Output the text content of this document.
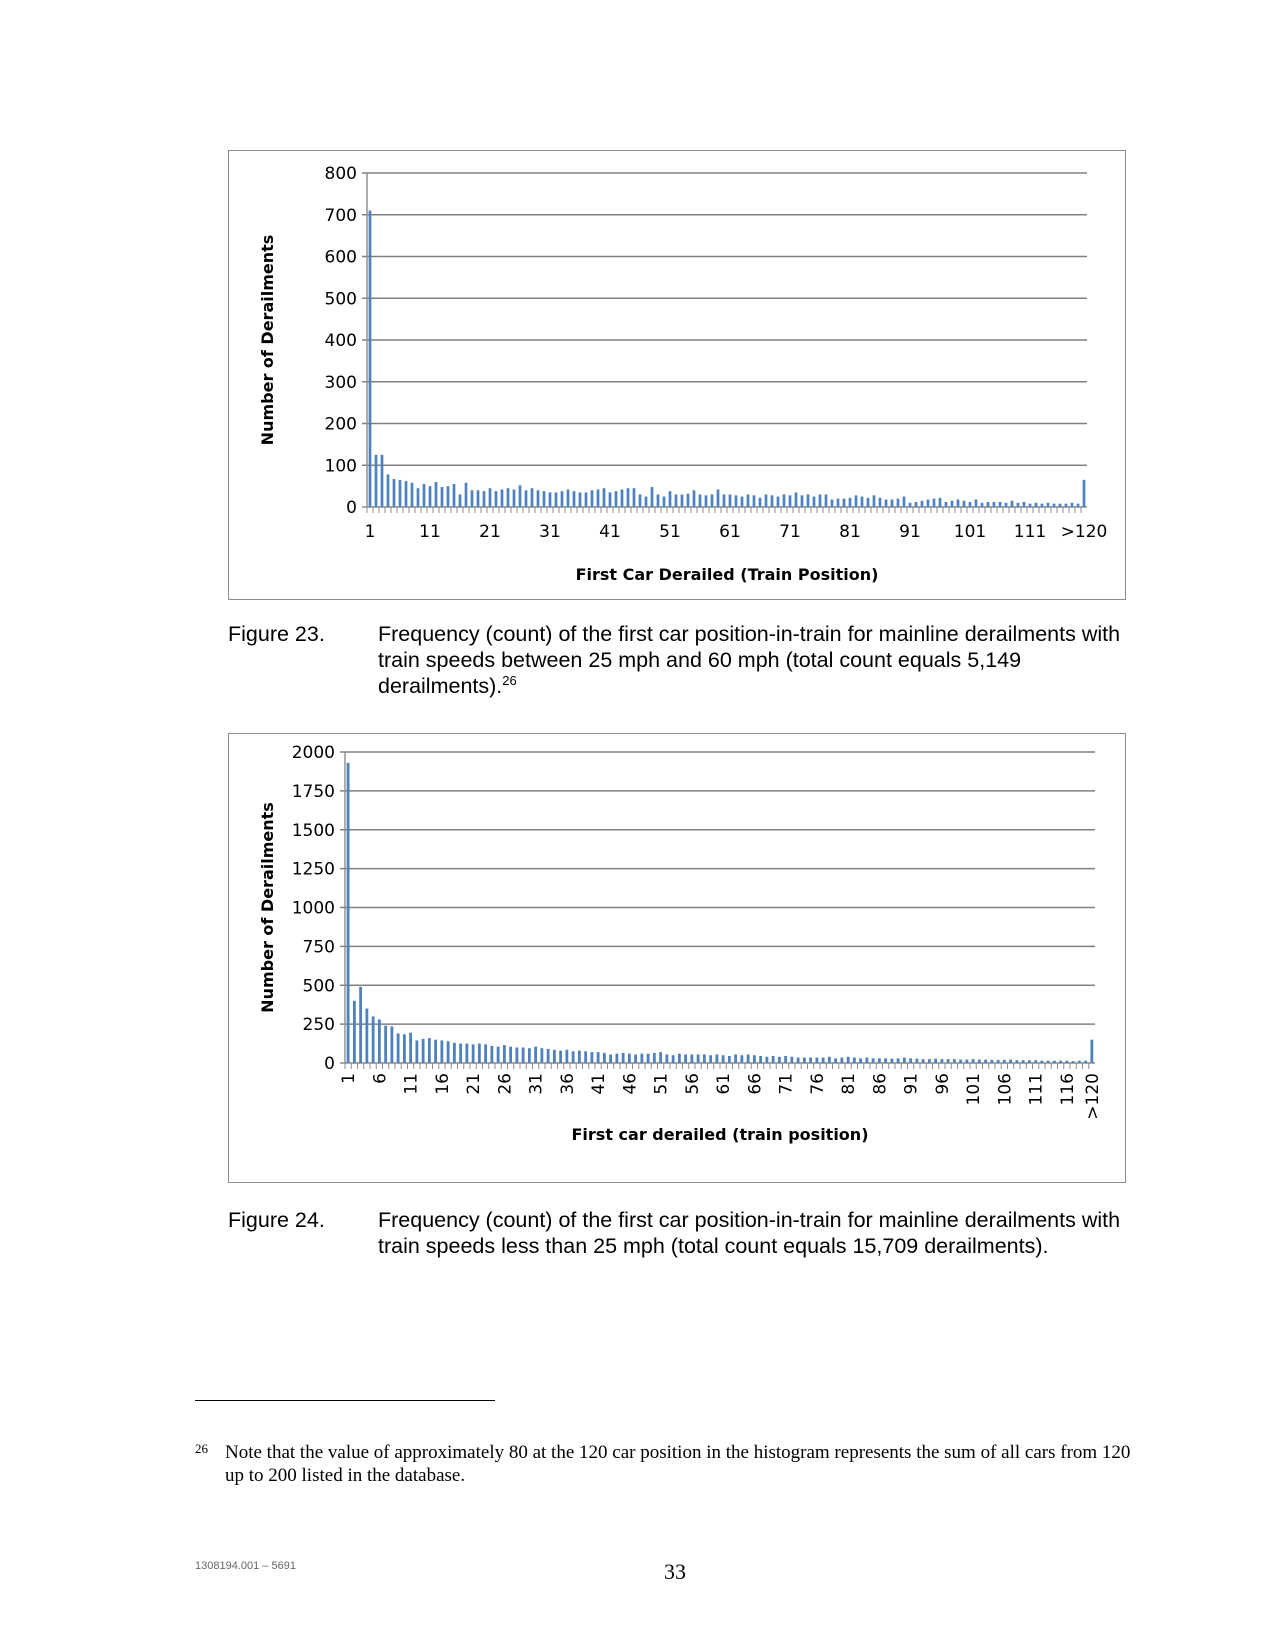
0
100
200
300
400
500
600
700
800
1	11 21 31 41 51 61 71 81 91 101 111 >120
Number of Derailments
First Car Derailed (Train Position)
Figure 23. Frequency (count) of the first car position-in-train for mainline derailments with train speeds between 25 mph and 60 mph (total count equals 5,149 derailments).$^{26}$
0
250
500
750
1000
1250
1500
1750
2000
1 6 11 16 21 26 31 36 41 46 51 56 61 66 71 76 81 86 91 96 101 106 111 116 >120
Number of Derailments
First car derailed (train position)
Figure 24. Frequency (count) of the first car position-in-train for mainline derailments with train speeds less than 25 mph (total count equals 15,709 derailments).
26 Note that the value of approximately 80 at the 120 car position in the histogram represents the sum of all cars from 120 up to 200 listed in the database.
1308194.001 – 5691	33
